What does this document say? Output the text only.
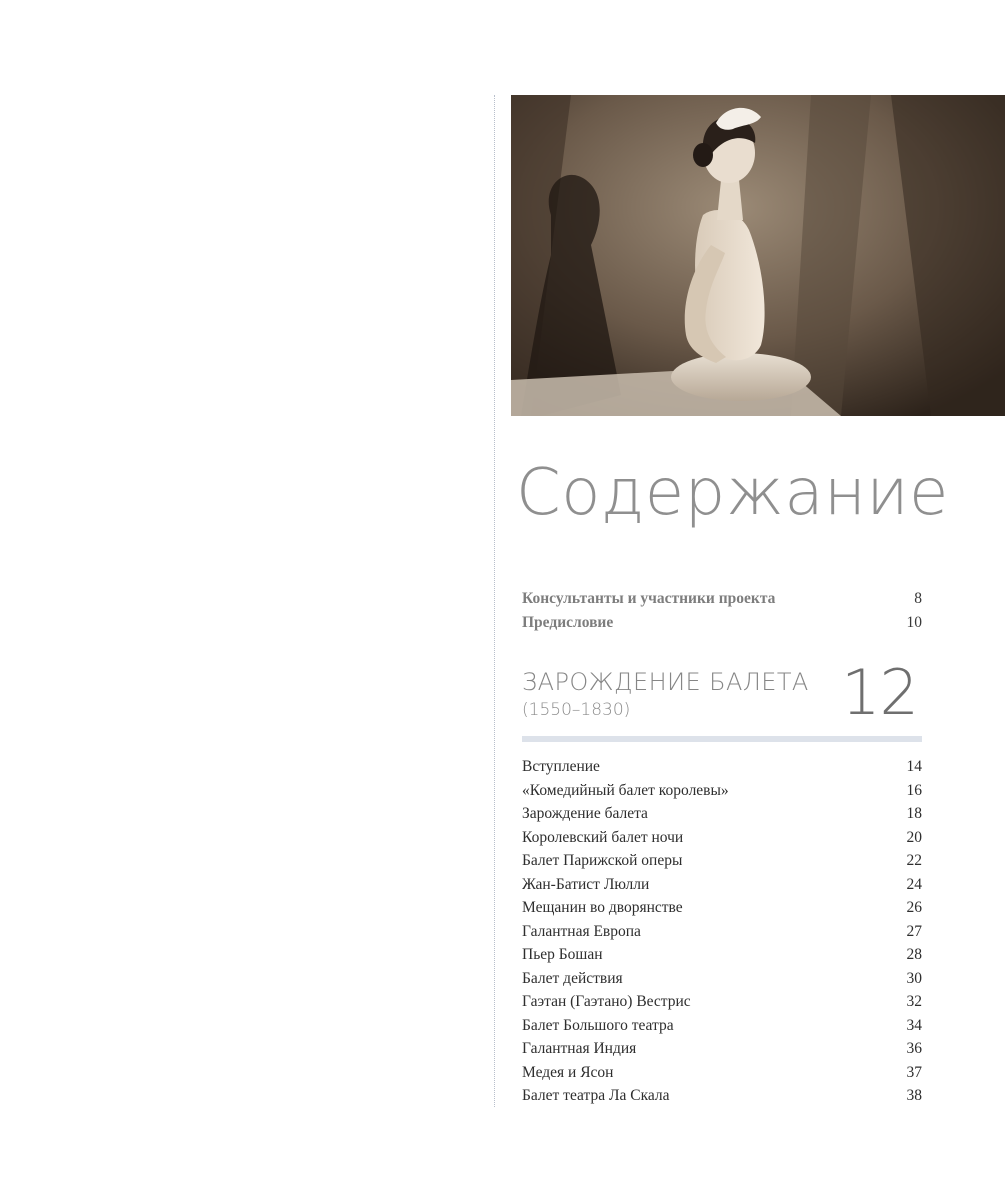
Содержание
Консультанты и участники проекта	8
Предисловие	10
ЗАРОЖДЕНИЕ БАЛЕТА
(1550–1830)	12
Вступление	14
«Комедийный балет королевы»	16
Зарождение балета	18
Королевский балет ночи	20
Балет Парижской оперы	22
Жан-Батист Люлли	24
Мещанин во дворянстве	26
Галантная Европа	27
Пьер Бошан	28
Балет действия	30
Гаэтан (Гаэтано) Вестрис	32
Балет Большого театра	34
Галантная Индия	36
Медея и Ясон	37
Балет театра Ла Скала	38
